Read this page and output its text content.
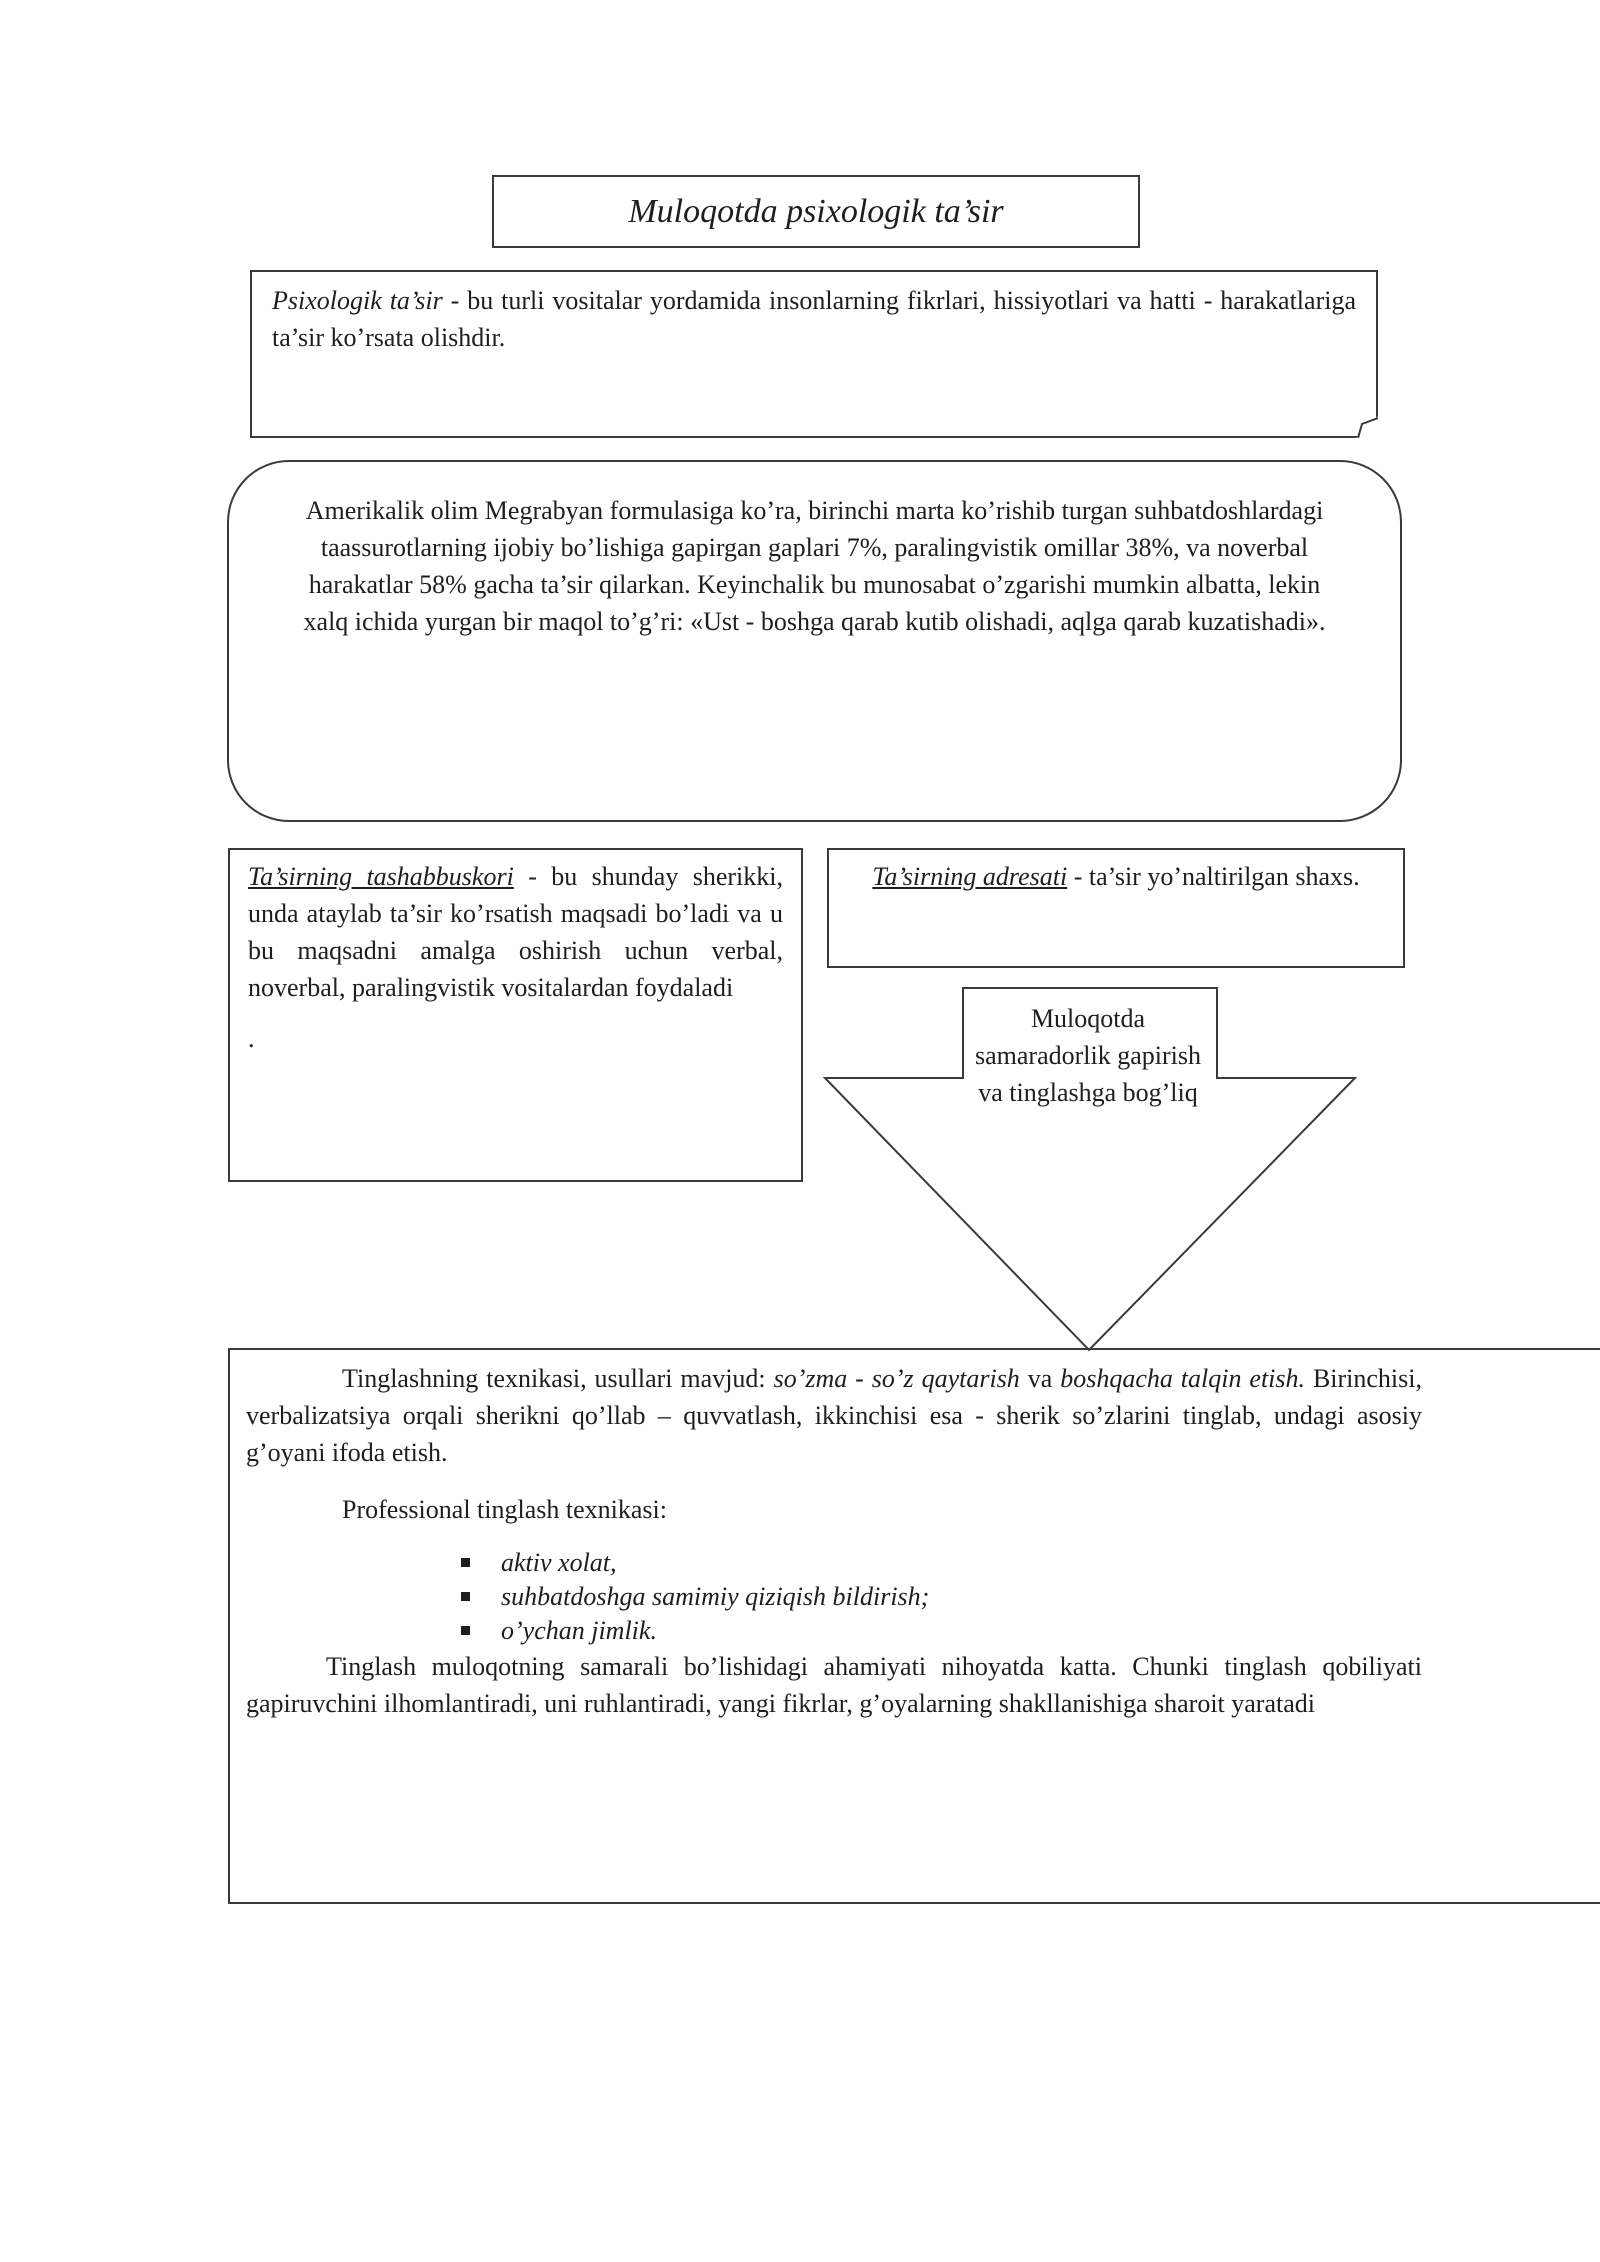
Muloqotda psixologik ta’sir
Psixologik ta’sir - bu turli vositalar yordamida insonlarning fikrlari, hissiyotlari va hatti - harakatlariga ta’sir ko’rsata olishdir.
Amerikalik olim Megrabyan formulasiga ko’ra, birinchi marta ko’rishib turgan suhbatdoshlardagi taassurotlarning ijobiy bo’lishiga gapirgan gaplari 7%, paralingvistik omillar 38%, va noverbal harakatlar 58% gacha ta’sir qilarkan. Keyinchalik bu munosabat o’zgarishi mumkin albatta, lekin xalq ichida yurgan bir maqol to’g’ri: «Ust - boshga qarab kutib olishadi, aqlga qarab kuzatishadi».
Ta’sirning tashabbuskori - bu shunday sherikki, unda ataylab ta’sir ko’rsatish maqsadi bo’ladi va u bu maqsadni amalga oshirish uchun verbal, noverbal, paralingvistik vositalardan foydaladi
.
Ta’sirning adresati - ta’sir yo’naltirilgan shaxs.
Muloqotda samaradorlik gapirish va tinglashga bog’liq

Tinglashning texnikasi, usullari mavjud: so’zma - so’z qaytarish va boshqacha talqin etish. Birinchisi, verbalizatsiya orqali sherikni qo’llab – quvvatlash, ikkinchisi esa - sherik so’zlarini tinglab, undagi asosiy g’oyani ifoda etish.

Professional tinglash texnikasi:

aktiv xolat,
suhbatdoshga samimiy qiziqish bildirish;
o’ychan jimlik.

Tinglash muloqotning samarali bo’lishidagi ahamiyati nihoyatda katta. Chunki tinglash qobiliyati gapiruvchini ilhomlantiradi, uni ruhlantiradi, yangi fikrlar, g’oyalarning shakllanishiga sharoit yaratadi
